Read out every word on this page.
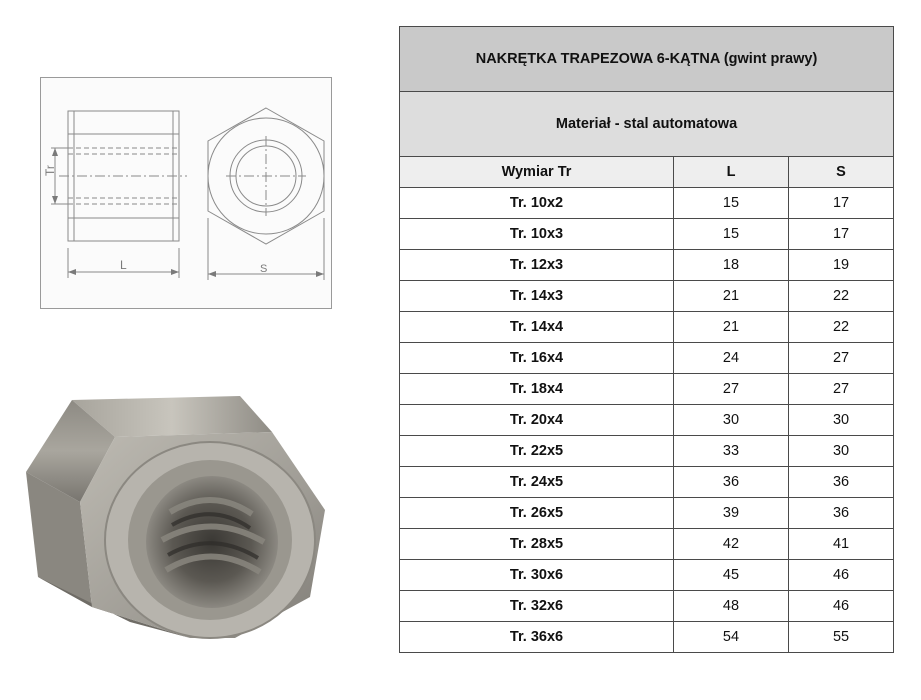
Tr
L	S
NAKRĘTKA TRAPEZOWA 6-KĄTNA (gwint prawy)		
Materiał - stal automatowa		
Wymiar Tr	L	S
Tr. 10x2	15	17
Tr. 10x3	15	17
Tr. 12x3	18	19
Tr. 14x3	21	22
Tr. 14x4	21	22
Tr. 16x4	24	27
Tr. 18x4	27	27
Tr. 20x4	30	30
Tr. 22x5	33	30
Tr. 24x5	36	36
Tr. 26x5	39	36
Tr. 28x5	42	41
Tr. 30x6	45	46
Tr. 32x6	48	46
Tr. 36x6	54	55
